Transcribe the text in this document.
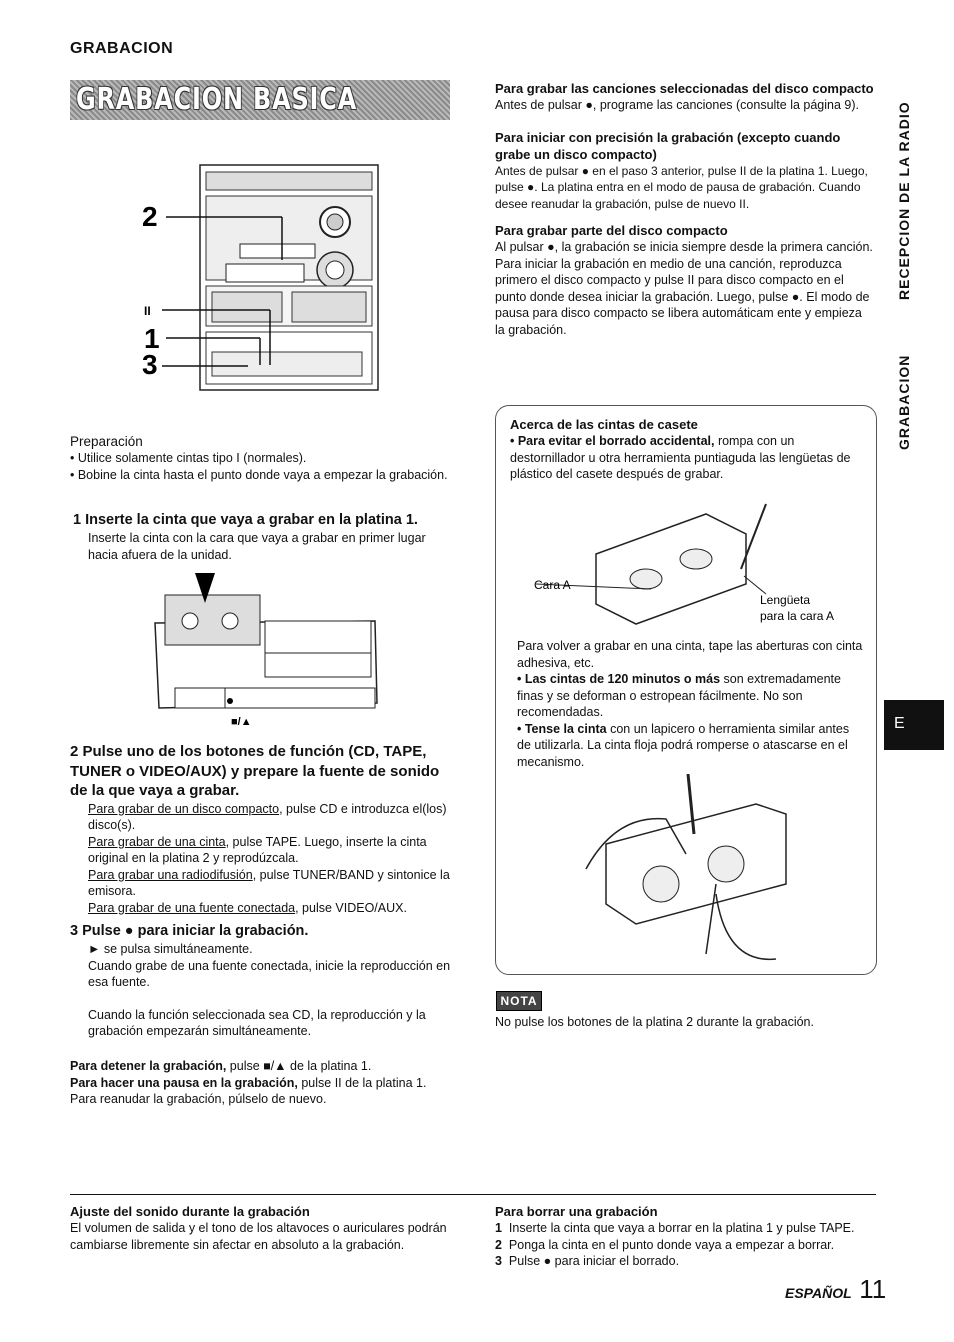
GRABACION
GRABACION BASICA
2
II
1
3
Preparación
• Utilice solamente cintas tipo I (normales).
• Bobine la cinta hasta el punto donde vaya a empezar la grabación.
1 Inserte la cinta que vaya a grabar en la platina 1.

Inserte la cinta con la cara que vaya a grabar en primer lugar hacia afuera de la unidad.

■/▲
2 Pulse uno de los botones de función (CD, TAPE, TUNER o VIDEO/AUX) y prepare la fuente de sonido de la que vaya a grabar.

Para grabar de un disco compacto, pulse CD e introduzca el(los) disco(s).

Para grabar de una cinta, pulse TAPE. Luego, inserte la cinta original en la platina 2 y reprodúzcala.

Para grabar una radiodifusión, pulse TUNER/BAND y sintonice la emisora.

Para grabar de una fuente conectada, pulse VIDEO/AUX.

3 Pulse ● para iniciar la grabación.

► se pulsa simultáneamente.

Cuando grabe de una fuente conectada, inicie la reproducción en esa fuente.

Cuando la función seleccionada sea CD, la reproducción y la grabación empezarán simultáneamente.

Para detener la grabación, pulse ■/▲ de la platina 1.

Para hacer una pausa en la grabación, pulse II de la platina 1. Para reanudar la grabación, púlselo de nuevo.

Para grabar las canciones seleccionadas del disco compacto

Antes de pulsar ●, programe las canciones (consulte la página 9).

Para iniciar con precisión la grabación (excepto cuando grabe un disco compacto)

Antes de pulsar ● en el paso 3 anterior, pulse II de la platina 1. Luego, pulse ●. La platina entra en el modo de pausa de grabación. Cuando desee reanudar la grabación, pulse de nuevo II.

Para grabar parte del disco compacto

Al pulsar ●, la grabación se inicia siempre desde la primera canción. Para iniciar la grabación en medio de una canción, reproduzca primero el disco compacto y pulse II para disco compacto en el punto donde desea iniciar la grabación. Luego, pulse ●. El modo de pausa para disco compacto se libera automáticam ente y empieza la grabación.

RECEPCION DE LA RADIO
GRABACION
E
Acerca de las cintas de casete

• Para evitar el borrado accidental, rompa con un destornillador u otra herramienta puntiaguda las lengüetas de plástico del casete después de grabar.

Cara A
Lengüeta
para la cara A

Para volver a grabar en una cinta, tape las aberturas con cinta adhesiva, etc.

• Las cintas de 120 minutos o más son extremadamente finas y se deforman o estropean fácilmente. No son recomendadas.

• Tense la cinta con un lapicero o herramienta similar antes de utilizarla. La cinta floja podrá romperse o atascarse en el mecanismo.

NOTA

No pulse los botones de la platina 2 durante la grabación.

Ajuste del sonido durante la grabación

El volumen de salida y el tono de los altavoces o auriculares podrán cambiarse libremente sin afectar en absoluto a la grabación.

Para borrar una grabación

1 Inserte la cinta que vaya a borrar en la platina 1 y pulse TAPE.

2 Ponga la cinta en el punto donde vaya a empezar a borrar.

3 Pulse ● para iniciar el borrado.

ESPAÑOL 11
